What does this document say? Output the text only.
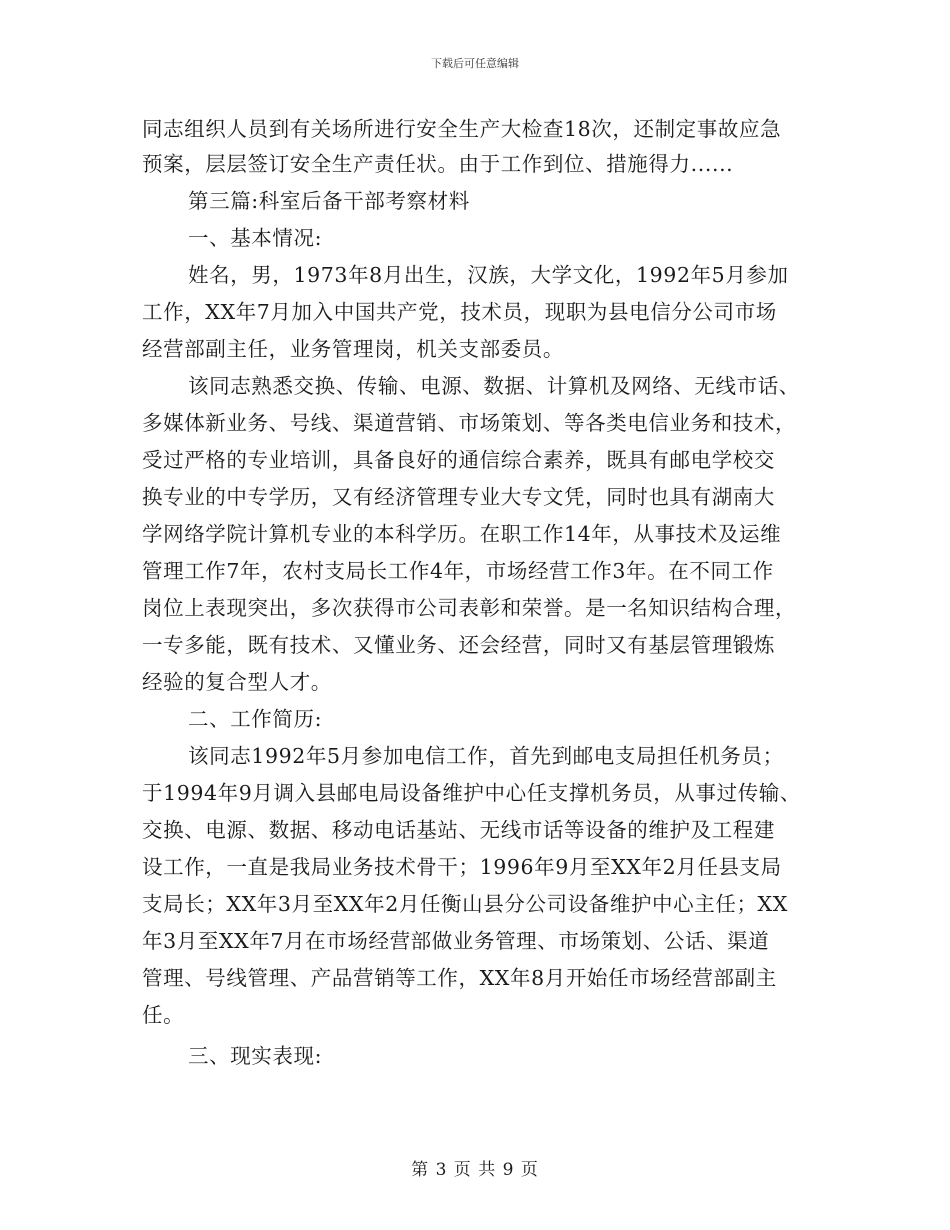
下载后可任意编辑
同志组织人员到有关场所进行安全生产大检查18次，还制定事故应急
预案，层层签订安全生产责任状。由于工作到位、措施得力......
第三篇:科室后备干部考察材料
一、基本情况:
姓名，男，1973年8月出生，汉族，大学文化，1992年5月参加
工作，XX年7月加入中国共产党，技术员，现职为县电信分公司市场
经营部副主任，业务管理岗，机关支部委员。
该同志熟悉交换、传输、电源、数据、计算机及网络、无线市话、
多媒体新业务、号线、渠道营销、市场策划、等各类电信业务和技术，
受过严格的专业培训，具备良好的通信综合素养，既具有邮电学校交
换专业的中专学历，又有经济管理专业大专文凭，同时也具有湖南大
学网络学院计算机专业的本科学历。在职工作14年，从事技术及运维
管理工作7年，农村支局长工作4年，市场经营工作3年。在不同工作
岗位上表现突出，多次获得市公司表彰和荣誉。是一名知识结构合理，
一专多能，既有技术、又懂业务、还会经营，同时又有基层管理锻炼
经验的复合型人才。
二、工作简历:
该同志1992年5月参加电信工作，首先到邮电支局担任机务员；
于1994年9月调入县邮电局设备维护中心任支撑机务员，从事过传输、
交换、电源、数据、移动电话基站、无线市话等设备的维护及工程建
设工作，一直是我局业务技术骨干；1996年9月至XX年2月任县支局
支局长；XX年3月至XX年2月任衡山县分公司设备维护中心主任；XX
年3月至XX年7月在市场经营部做业务管理、市场策划、公话、渠道
管理、号线管理、产品营销等工作，XX年8月开始任市场经营部副主
任。
三、现实表现:
第 3 页 共 9 页
